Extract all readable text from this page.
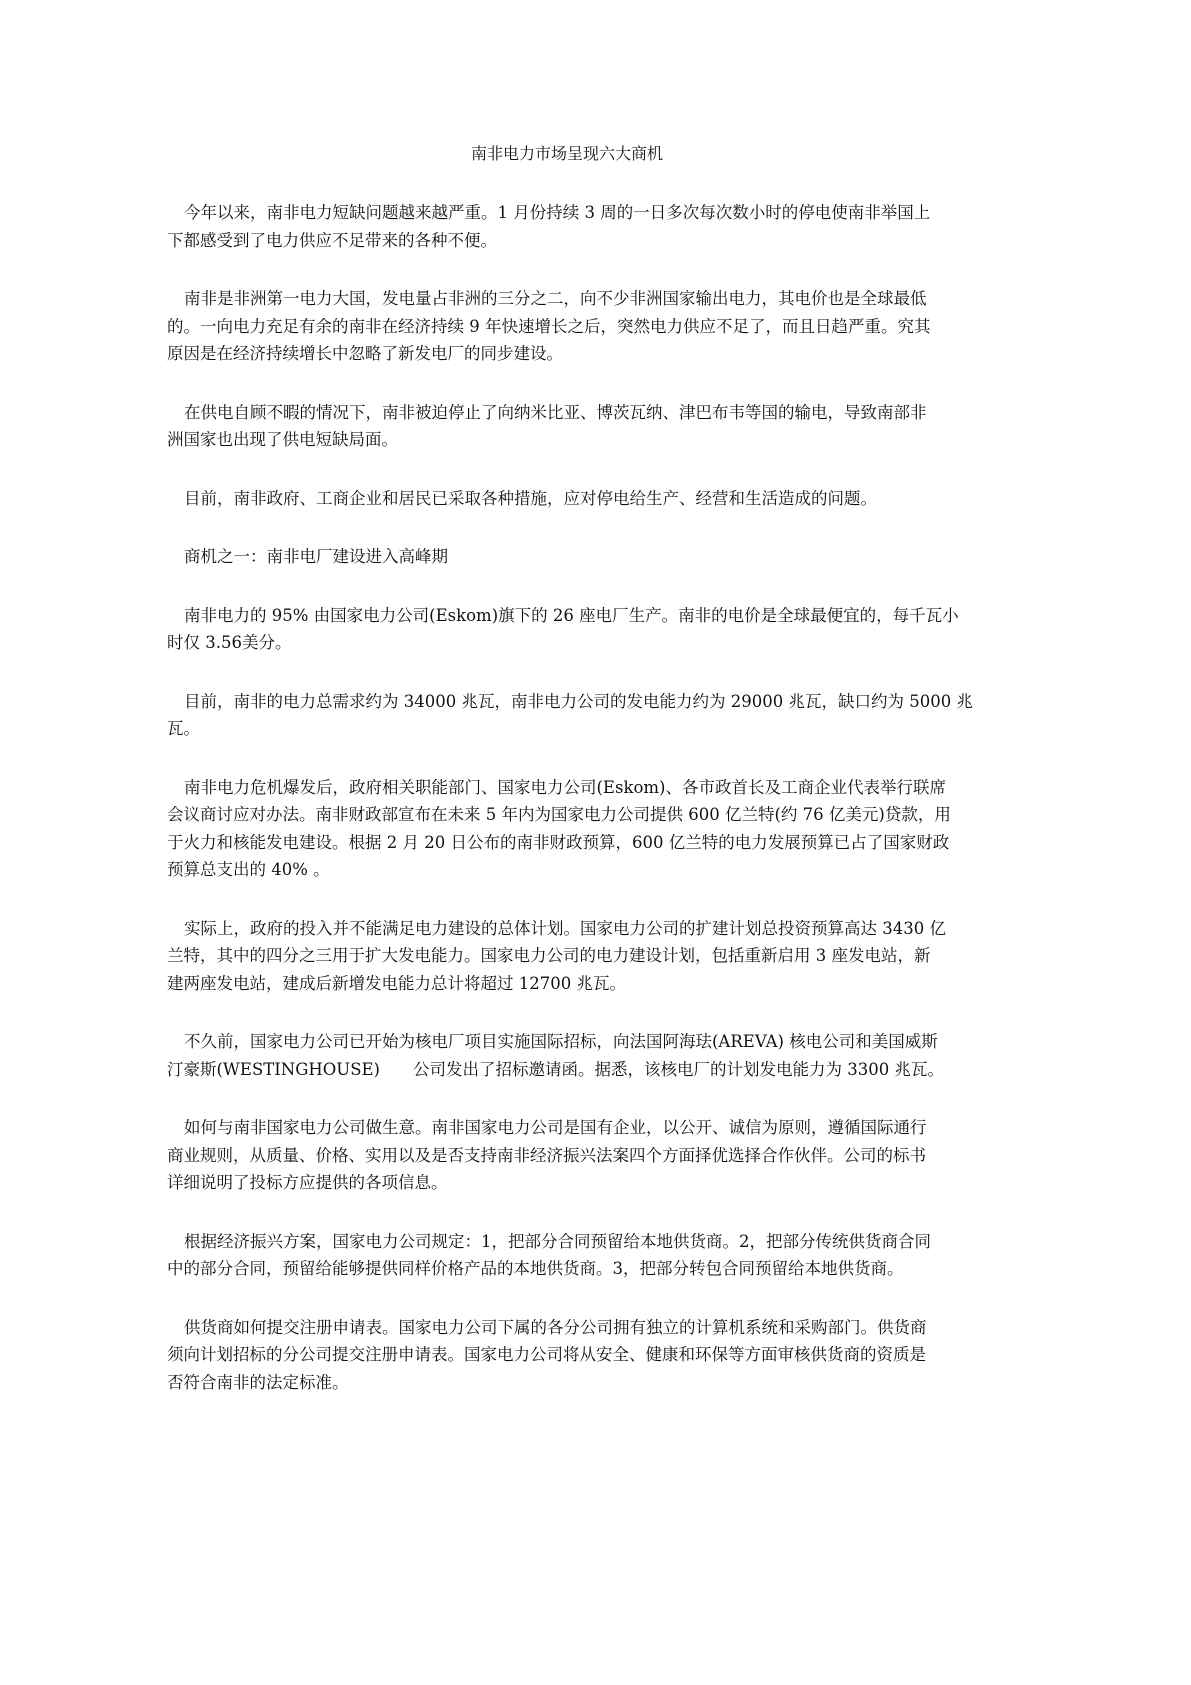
南非电力市场呈现六大商机
今年以来，南非电力短缺问题越来越严重。1 月份持续 3 周的一日多次每次数小时的停电使南非举国上
下都感受到了电力供应不足带来的各种不便。
南非是非洲第一电力大国，发电量占非洲的三分之二，向不少非洲国家输出电力，其电价也是全球最低
的。一向电力充足有余的南非在经济持续 9 年快速增长之后，突然电力供应不足了，而且日趋严重。究其
原因是在经济持续增长中忽略了新发电厂的同步建设。
在供电自顾不暇的情况下，南非被迫停止了向纳米比亚、博茨瓦纳、津巴布韦等国的输电，导致南部非
洲国家也出现了供电短缺局面。
目前，南非政府、工商企业和居民已采取各种措施，应对停电给生产、经营和生活造成的问题。
商机之一：南非电厂建设进入高峰期
南非电力的 95% 由国家电力公司(Eskom)旗下的 26 座电厂生产。南非的电价是全球最便宜的，每千瓦小
时仅 3.56美分。
目前，南非的电力总需求约为 34000 兆瓦，南非电力公司的发电能力约为 29000 兆瓦，缺口约为 5000 兆
瓦。
南非电力危机爆发后，政府相关职能部门、国家电力公司(Eskom)、各市政首长及工商企业代表举行联席
会议商讨应对办法。南非财政部宣布在未来 5 年内为国家电力公司提供 600 亿兰特(约 76 亿美元)贷款，用
于火力和核能发电建设。根据 2 月 20 日公布的南非财政预算，600 亿兰特的电力发展预算已占了国家财政
预算总支出的 40% 。
实际上，政府的投入并不能满足电力建设的总体计划。国家电力公司的扩建计划总投资预算高达 3430 亿
兰特，其中的四分之三用于扩大发电能力。国家电力公司的电力建设计划，包括重新启用 3 座发电站，新
建两座发电站，建成后新增发电能力总计将超过 12700 兆瓦。
不久前，国家电力公司已开始为核电厂项目实施国际招标，向法国阿海珐(AREVA) 核电公司和美国威斯
汀豪斯(WESTINGHOUSE)　　公司发出了招标邀请函。据悉，该核电厂的计划发电能力为 3300 兆瓦。
如何与南非国家电力公司做生意。南非国家电力公司是国有企业，以公开、诚信为原则，遵循国际通行
商业规则，从质量、价格、实用以及是否支持南非经济振兴法案四个方面择优选择合作伙伴。公司的标书
详细说明了投标方应提供的各项信息。
根据经济振兴方案，国家电力公司规定：1，把部分合同预留给本地供货商。2，把部分传统供货商合同
中的部分合同，预留给能够提供同样价格产品的本地供货商。3，把部分转包合同预留给本地供货商。
供货商如何提交注册申请表。国家电力公司下属的各分公司拥有独立的计算机系统和采购部门。供货商
须向计划招标的分公司提交注册申请表。国家电力公司将从安全、健康和环保等方面审核供货商的资质是
否符合南非的法定标准。
